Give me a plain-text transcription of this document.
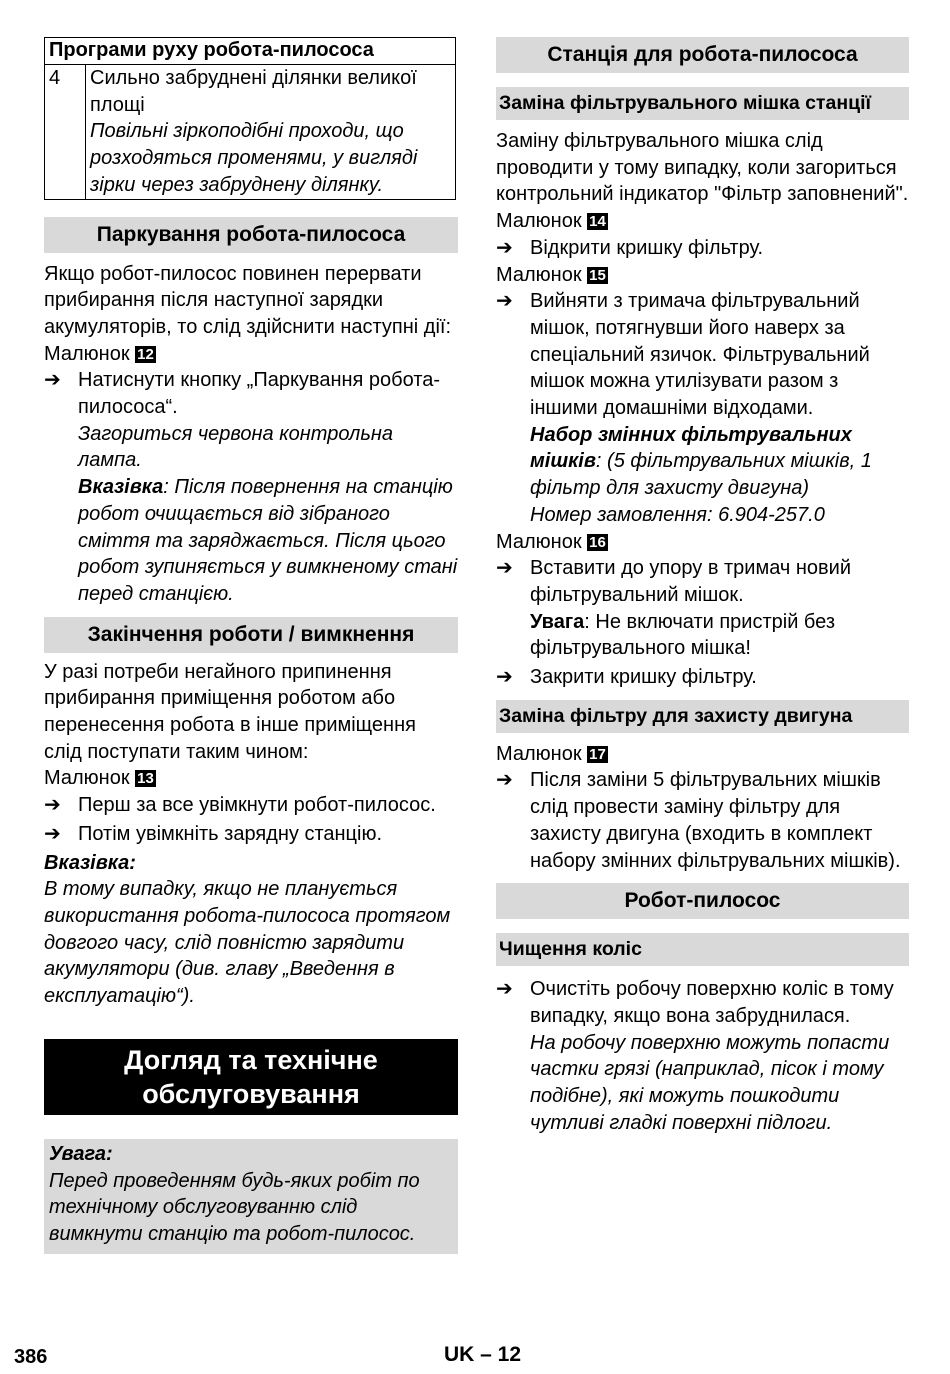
Програми руху робота-пилососа
4	Сильно забруднені ділянки великої площі

Повільні зіркоподібні проходи, що розходяться променями, у вигляді зірки через забруднену ділянку.

Паркування робота-пилососа

Якщо робот-пилосос повинен перервати прибирання після наступної зарядки акумуляторів, то слід здійснити наступні дії:

Малюнок 12

➔ Натиснути кнопку „Паркування робота-пилососа“.

Загориться червона контрольна лампа.

Вказівка: Після повернення на станцію робот очищається від зібраного сміття та заряджається. Після цього робот зупиняється у вимкненому стані перед станцією.

Закінчення роботи / вимкнення

У разі потреби негайного припинення прибирання приміщення роботом або перенесення робота в інше приміщення слід поступати таким чином:

Малюнок 13

➔ Перш за все увімкнути робот-пилосос.
➔ Потім увімкніть зарядну станцію.

Вказівка:

В тому випадку, якщо не планується використання робота-пилососа протягом довгого часу, слід повністю зарядити акумулятори (див. главу „Введення в експлуатацію“).

Догляд та технічне обслуговування

Увага:

Перед проведенням будь-яких робіт по технічному обслуговуванню слід вимкнути станцію та робот-пилосос.

Станція для робота-пилососа
Заміна фільтрувального мішка станції

Заміну фільтрувального мішка слід проводити у тому випадку, коли загориться контрольний індикатор "Фільтр заповнений".

Малюнок 14

➔ Відкрити кришку фільтру.

Малюнок 15

➔ Вийняти з тримача фільтрувальний мішок, потягнувши його наверх за спеціальний язичок. Фільтрувальний мішок можна утилізувати разом з іншими домашніми відходами.

Набор змінних фільтрувальних мішків: (5 фільтрувальних мішків, 1 фільтр для захисту двигуна)

Номер замовлення: 6.904-257.0

Малюнок 16

➔ Вставити до упору в тримач новий фільтрувальний мішок.

Увага: Не включати пристрій без фільтрувального мішка!

➔ Закрити кришку фільтру.
Заміна фільтру для захисту двигуна

Малюнок 17

➔ Після заміни 5 фільтрувальних мішків слід провести заміну фільтру для захисту двигуна (входить в комплект набору змінних фільтрувальних мішків).
Робот-пилосос
Чищення коліс
➔ Очистіть робочу поверхню коліс в тому випадку, якщо вона забруднилася.

На робочу поверхню можуть попасти частки грязі (наприклад, пісок і тому подібне), які можуть пошкодити чутливі гладкі поверхні підлоги.

386	UK – 12
